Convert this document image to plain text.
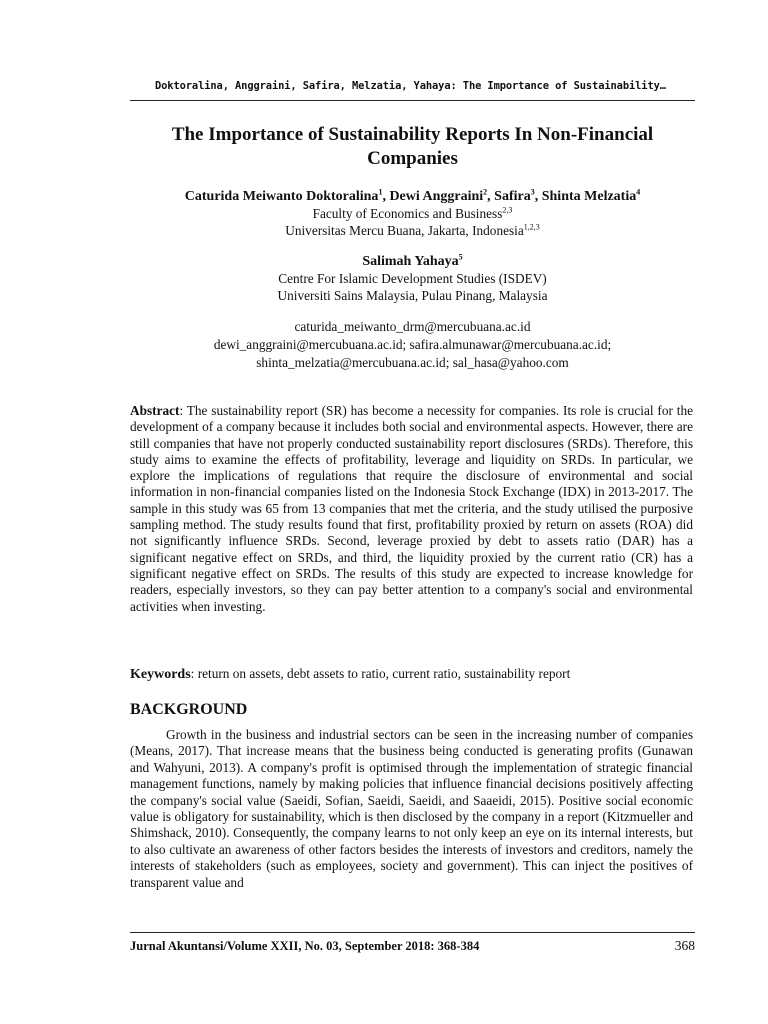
Doktoralina, Anggraini, Safira, Melzatia, Yahaya: The Importance of Sustainability…
The Importance of Sustainability Reports In Non-Financial
Companies
Caturida Meiwanto Doktoralina$^1$, Dewi Anggraini$^2$, Safira$^3$, Shinta Melzatia$^4$
Faculty of Economics and Business$^{2,3}$
Universitas Mercu Buana, Jakarta, Indonesia$^{1,2,3}$
Salimah Yahaya$^5$
Centre For Islamic Development Studies (ISDEV)
Universiti Sains Malaysia, Pulau Pinang, Malaysia
caturida_meiwanto_drm@mercubuana.ac.id
dewi_anggraini@mercubuana.ac.id; safira.almunawar@mercubuana.ac.id;
shinta_melzatia@mercubuana.ac.id; sal_hasa@yahoo.com

Abstract: The sustainability report (SR) has become a necessity for companies. Its role is crucial for the development of a company because it includes both social and environmental aspects. However, there are still companies that have not properly conducted sustainability report disclosures (SRDs). Therefore, this study aims to examine the effects of profitability, leverage and liquidity on SRDs. In particular, we explore the implications of regulations that require the disclosure of environmental and social information in non-financial companies listed on the Indonesia Stock Exchange (IDX) in 2013-2017. The sample in this study was 65 from 13 companies that met the criteria, and the study utilised the purposive sampling method. The study results found that first, profitability proxied by return on assets (ROA) did not significantly influence SRDs. Second, leverage proxied by debt to assets ratio (DAR) has a significant negative effect on SRDs, and third, the liquidity proxied by the current ratio (CR) has a significant negative effect on SRDs. The results of this study are expected to increase knowledge for readers, especially investors, so they can pay better attention to a company's social and environmental activities when investing.

Keywords: return on assets, debt assets to ratio, current ratio, sustainability report
BACKGROUND

Growth in the business and industrial sectors can be seen in the increasing number of companies (Means, 2017). That increase means that the business being conducted is generating profits (Gunawan and Wahyuni, 2013). A company's profit is optimised through the implementation of strategic financial management functions, namely by making policies that influence financial decisions positively affecting the company's social value (Saeidi, Sofian, Saeidi, Saeidi, and Saaeidi, 2015). Positive social economic value is obligatory for sustainability, which is then disclosed by the company in a report (Kitzmueller and Shimshack, 2010). Consequently, the company learns to not only keep an eye on its internal interests, but to also cultivate an awareness of other factors besides the interests of investors and creditors, namely the interests of stakeholders (such as employees, society and government). This can inject the positives of transparent value and

Jurnal Akuntansi/Volume XXII, No. 03, September 2018: 368-384	368
